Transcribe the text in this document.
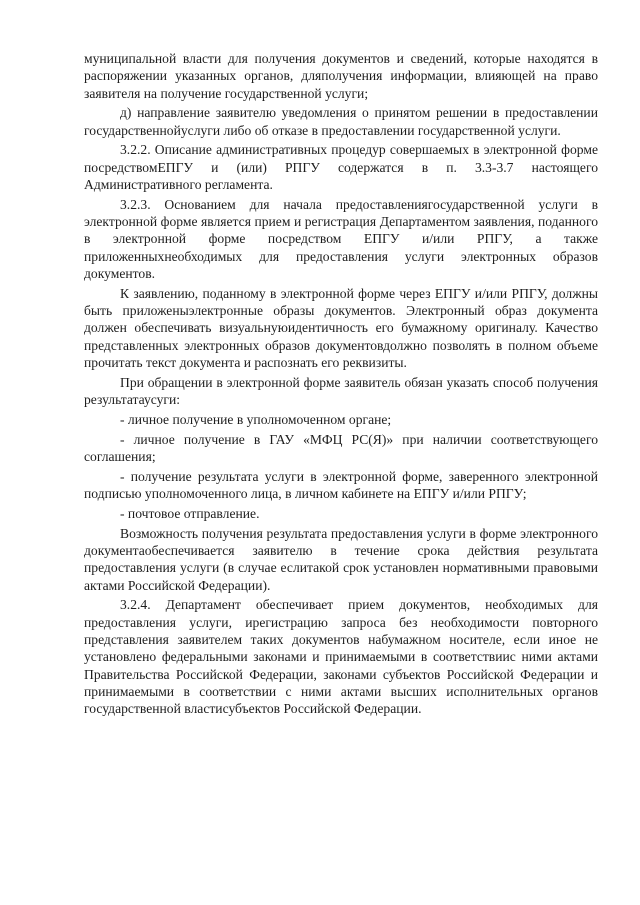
муниципальной власти для получения документов и сведений, которые находятся в распоряжении указанных органов, дляполучения информации, влияющей на право заявителя на получение государственной услуги;

д) направление заявителю уведомления о принятом решении в предоставлении государственнойуслуги либо об отказе в предоставлении государственной услуги.

3.2.2. Описание административных процедур совершаемых в электронной форме посредствомЕПГУ и (или) РПГУ содержатся в п. 3.3-3.7 настоящего Административного регламента.

3.2.3. Основанием для начала предоставлениягосударственной услуги в электронной форме является прием и регистрация Департаментом заявления, поданного в электронной форме посредством ЕПГУ и/или РПГУ, а также приложенныхнеобходимых для предоставления услуги электронных образов документов.

К заявлению, поданному в электронной форме через ЕПГУ и/или РПГУ, должны быть приложеныэлектронные образы документов. Электронный образ документа должен обеспечивать визуальнуюидентичность его бумажному оригиналу. Качество представленных электронных образов документовдолжно позволять в полном объеме прочитать текст документа и распознать его реквизиты.

При обращении в электронной форме заявитель обязан указать способ получения результатаусуги:

- личное получение в уполномоченном органе;

- личное получение в ГАУ «МФЦ РС(Я)» при наличии соответствующего соглашения;

- получение результата услуги в электронной форме, заверенного электронной подписью уполномоченного лица, в личном кабинете на ЕПГУ и/или РПГУ;

- почтовое отправление.

Возможность получения результата предоставления услуги в форме электронного документаобеспечивается заявителю в течение срока действия результата предоставления услуги (в случае еслитакой срок установлен нормативными правовыми актами Российской Федерации).

3.2.4. Департамент обеспечивает прием документов, необходимых для предоставления услуги, ирегистрацию запроса без необходимости повторного представления заявителем таких документов набумажном носителе, если иное не установлено федеральными законами и принимаемыми в соответствиис ними актами Правительства Российской Федерации, законами субъектов Российской Федерации и принимаемыми в соответствии с ними актами высших исполнительных органов государственной властисубъектов Российской Федерации.
